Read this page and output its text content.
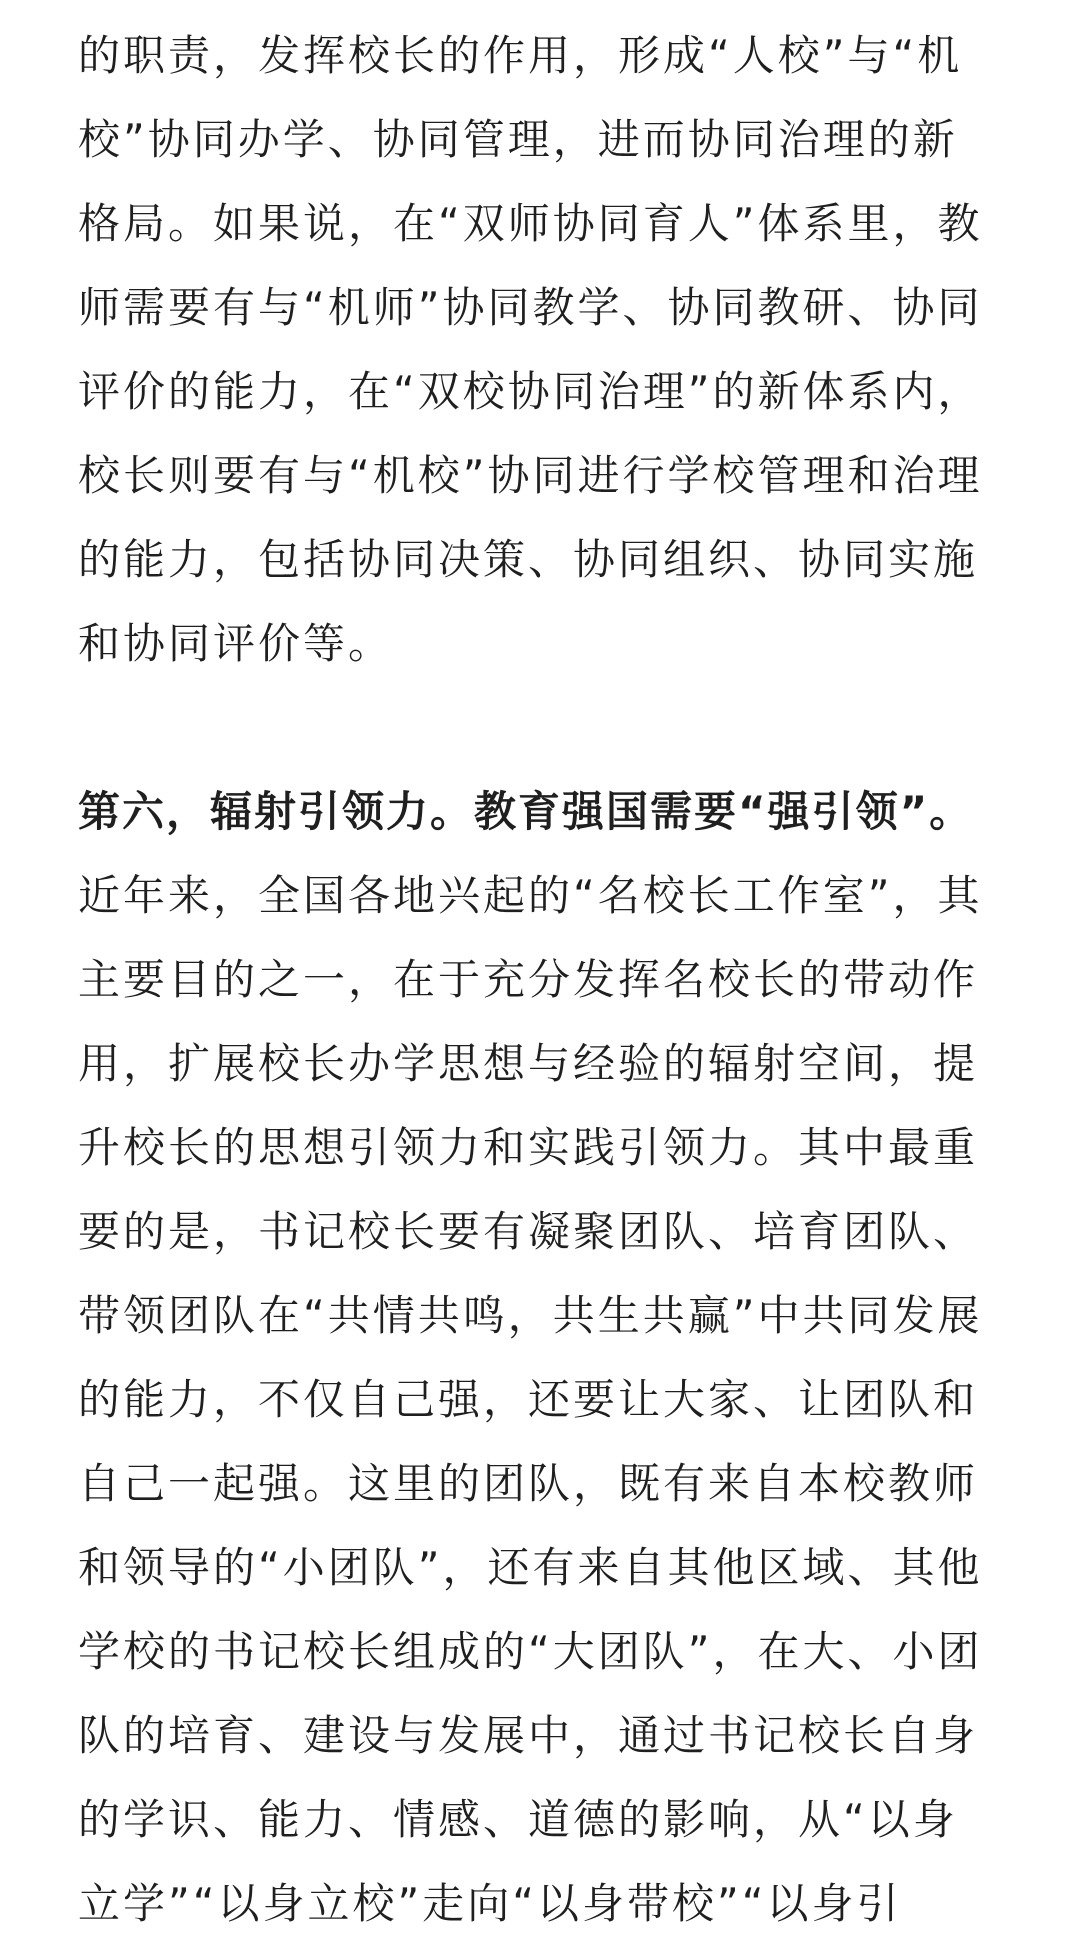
的职责，发挥校长的作用，形成“人校”与“机
校”协同办学、协同管理，进而协同治理的新
格局。如果说，在“双师协同育人”体系里，教
师需要有与“机师”协同教学、协同教研、协同
评价的能力，在“双校协同治理”的新体系内，
校长则要有与“机校”协同进行学校管理和治理
的能力，包括协同决策、协同组织、协同实施
和协同评价等。
第六，辐射引领力。教育强国需要“强引领”。
近年来，全国各地兴起的“名校长工作室”，其
主要目的之一，在于充分发挥名校长的带动作
用，扩展校长办学思想与经验的辐射空间，提
升校长的思想引领力和实践引领力。其中最重
要的是，书记校长要有凝聚团队、培育团队、
带领团队在“共情共鸣，共生共赢”中共同发展
的能力，不仅自己强，还要让大家、让团队和
自己一起强。这里的团队，既有来自本校教师
和领导的“小团队”，还有来自其他区域、其他
学校的书记校长组成的“大团队”，在大、小团
队的培育、建设与发展中，通过书记校长自身
的学识、能力、情感、道德的影响，从“以身
立学”“以身立校”走向“以身带校”“以身引
